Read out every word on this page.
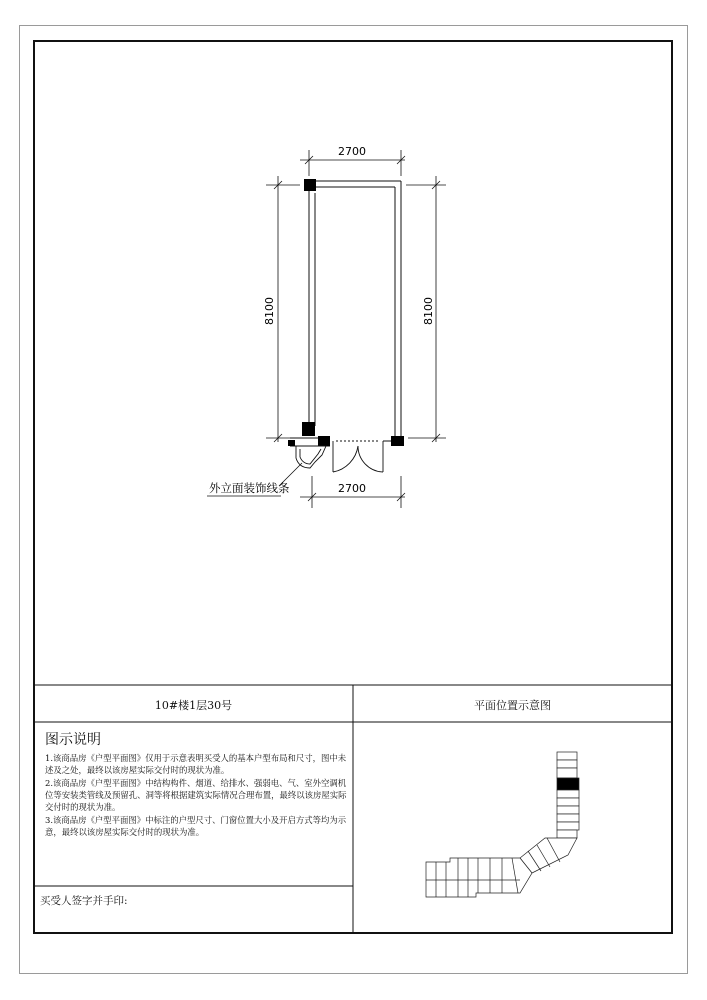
2700
2700
8100	8100
外立面装饰线条
10#楼1层30号	平面位置示意图
图示说明

1.该商品房《户型平面图》仅用于示意表明买受人的基本户型布局和尺寸，图中未述及之处，最终以该房屋实际交付时的现状为准。

2.该商品房《户型平面图》中结构构件、烟道、给排水、强弱电、气、室外空调机位等安装类管线及预留孔、洞等将根据建筑实际情况合理布置，最终以该房屋实际交付时的现状为准。

3.该商品房《户型平面图》中标注的户型尺寸、门窗位置大小及开启方式等均为示意，最终以该房屋实际交付时的现状为准。

买受人签字并手印:
